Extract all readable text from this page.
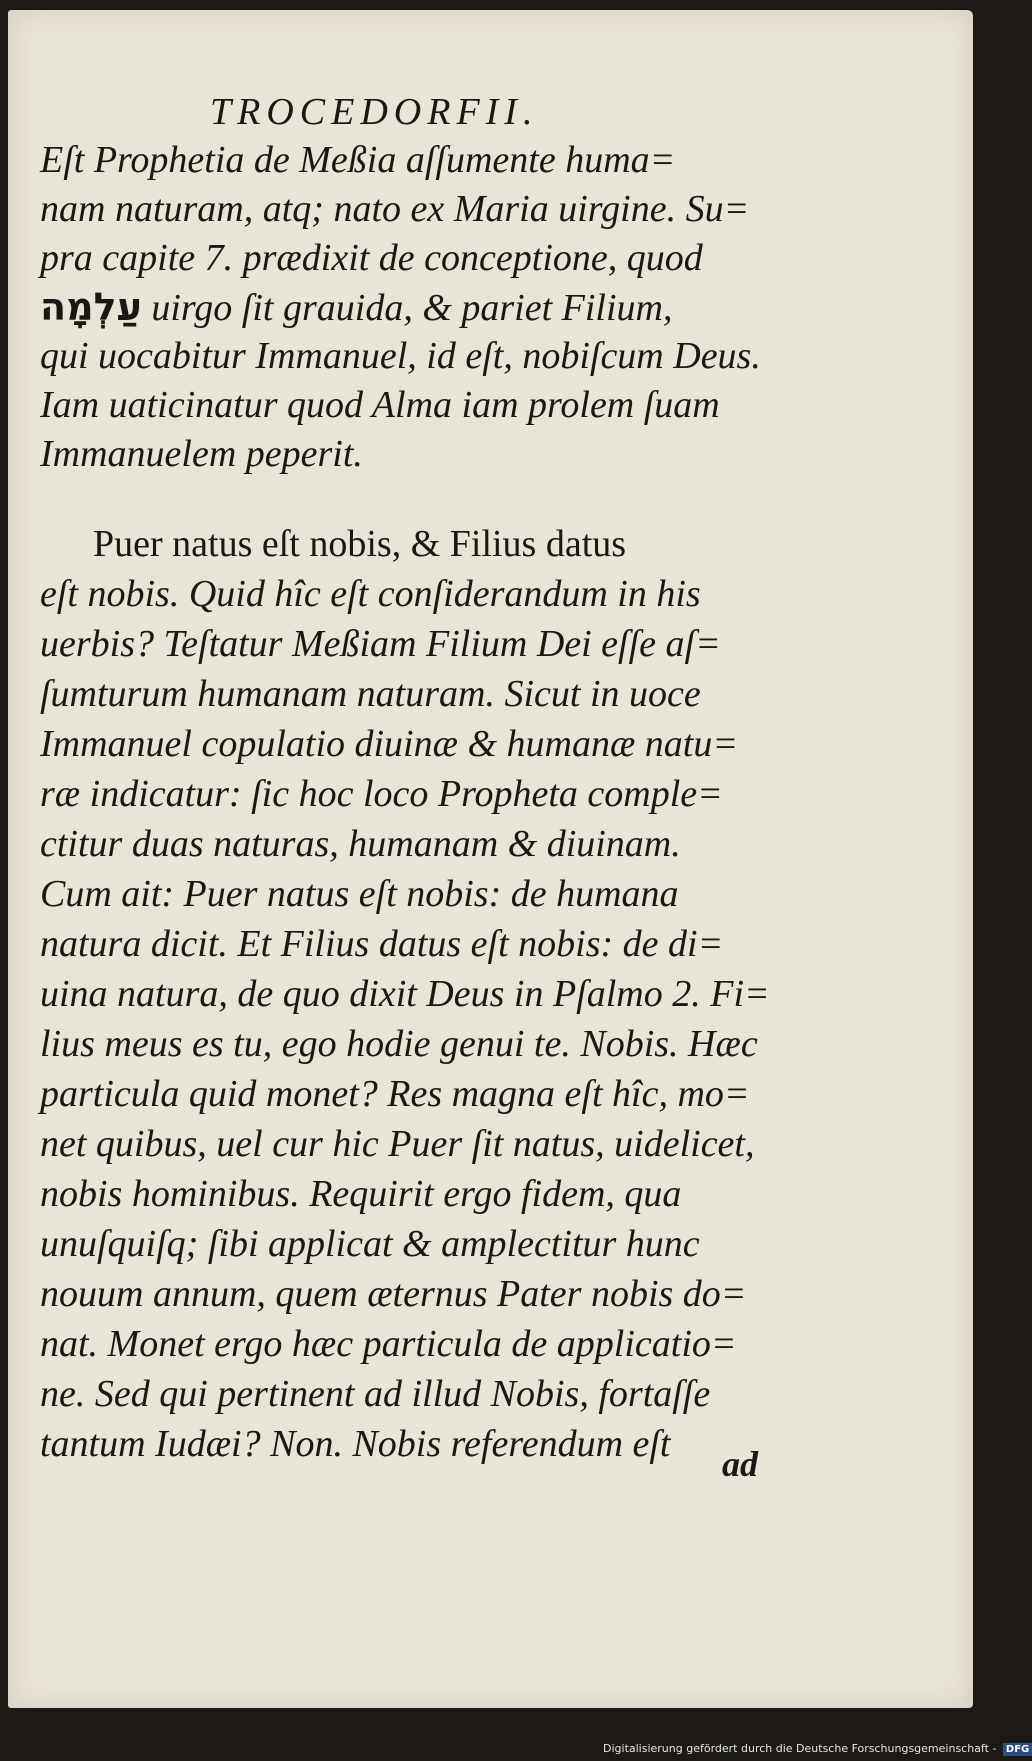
TROCEDORFII.
Eſt Prophetia de Meßia aſſumente huma=
nam naturam, atq; nato ex Maria uirgine. Su=
pra capite 7. prædixit de conceptione, quod
עַלְמָה uirgo ſit grauida, & pariet Filium,
qui uocabitur Immanuel, id eſt, nobiſcum Deus.
Iam uaticinatur quod Alma iam prolem ſuam
Immanuelem peperit.
Puer natus eſt nobis, & Filius datus
eſt nobis. Quid hîc eſt conſiderandum in his
uerbis? Teſtatur Meßiam Filium Dei eſſe aſ=
ſumturum humanam naturam. Sicut in uoce
Immanuel copulatio diuinæ & humanæ natu=
ræ indicatur: ſic hoc loco Propheta comple=
ctitur duas naturas, humanam & diuinam.
Cum ait: Puer natus eſt nobis: de humana
natura dicit. Et Filius datus eſt nobis: de di=
uina natura, de quo dixit Deus in Pſalmo 2. Fi=
lius meus es tu, ego hodie genui te. Nobis. Hæc
particula quid monet? Res magna eſt hîc, mo=
net quibus, uel cur hic Puer ſit natus, uidelicet,
nobis hominibus. Requirit ergo fidem, qua
unuſquiſq; ſibi applicat & amplectitur hunc
nouum annum, quem æternus Pater nobis do=
nat. Monet ergo hæc particula de applicatio=
ne. Sed qui pertinent ad illud Nobis, fortaſſe
tantum Iudæi? Non. Nobis referendum eſt	ad
Digitalisierung gefördert durch die Deutsche Forschungsgemeinschaft - DFG
